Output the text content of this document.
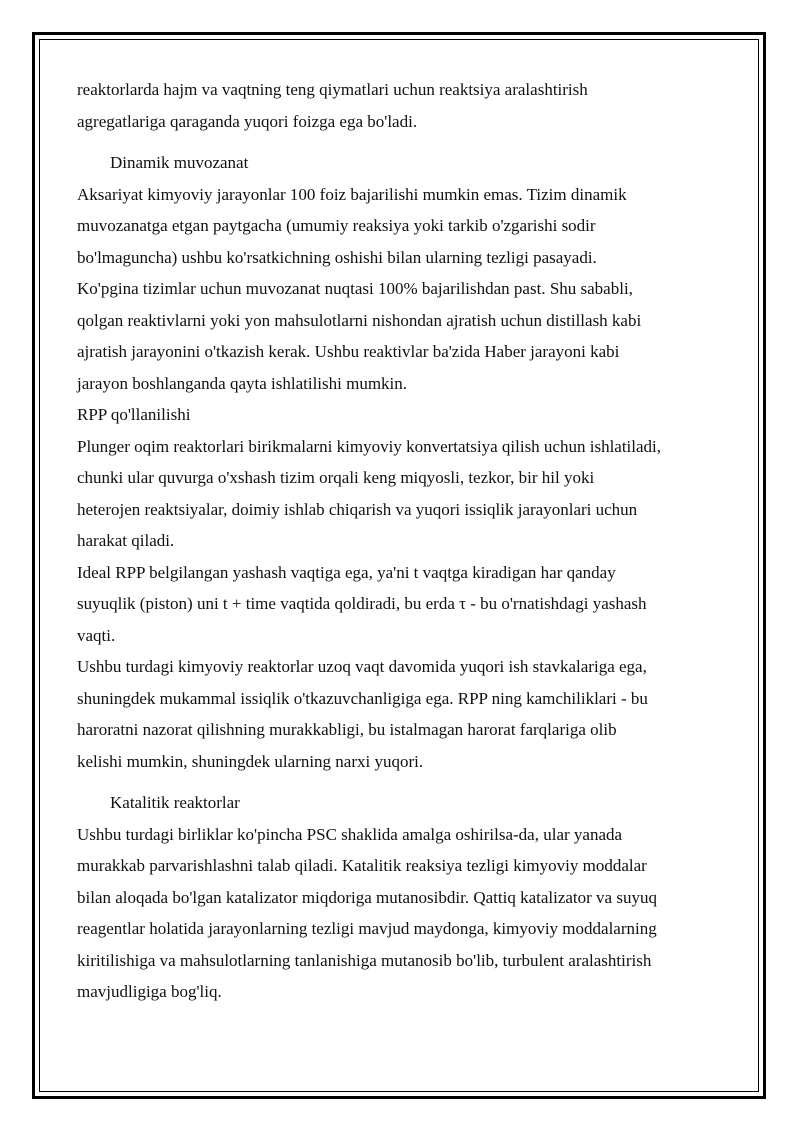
reaktorlarda hajm va vaqtning teng qiymatlari uchun reaktsiya aralashtirish
agregatlariga qaraganda yuqori foizga ega bo'ladi.
Dinamik muvozanat
Aksariyat kimyoviy jarayonlar 100 foiz bajarilishi mumkin emas. Tizim dinamik
muvozanatga etgan paytgacha (umumiy reaksiya yoki tarkib o'zgarishi sodir
bo'lmaguncha) ushbu ko'rsatkichning oshishi bilan ularning tezligi pasayadi.
Ko'pgina tizimlar uchun muvozanat nuqtasi 100% bajarilishdan past. Shu sababli,
qolgan reaktivlarni yoki yon mahsulotlarni nishondan ajratish uchun distillash kabi
ajratish jarayonini o'tkazish kerak. Ushbu reaktivlar ba'zida Haber jarayoni kabi
jarayon boshlanganda qayta ishlatilishi mumkin.
RPP qo'llanilishi
Plunger oqim reaktorlari birikmalarni kimyoviy konvertatsiya qilish uchun ishlatiladi,
chunki ular quvurga o'xshash tizim orqali keng miqyosli, tezkor, bir hil yoki
heterojen reaktsiyalar, doimiy ishlab chiqarish va yuqori issiqlik jarayonlari uchun
harakat qiladi.
Ideal RPP belgilangan yashash vaqtiga ega, ya'ni t vaqtga kiradigan har qanday
suyuqlik (piston) uni t + time vaqtida qoldiradi, bu erda τ - bu o'rnatishdagi yashash
vaqti.
Ushbu turdagi kimyoviy reaktorlar uzoq vaqt davomida yuqori ish stavkalariga ega,
shuningdek mukammal issiqlik o'tkazuvchanligiga ega. RPP ning kamchiliklari - bu
haroratni nazorat qilishning murakkabligi, bu istalmagan harorat farqlariga olib
kelishi mumkin, shuningdek ularning narxi yuqori.
Katalitik reaktorlar
Ushbu turdagi birliklar ko'pincha PSC shaklida amalga oshirilsa-da, ular yanada
murakkab parvarishlashni talab qiladi. Katalitik reaksiya tezligi kimyoviy moddalar
bilan aloqada bo'lgan katalizator miqdoriga mutanosibdir. Qattiq katalizator va suyuq
reagentlar holatida jarayonlarning tezligi mavjud maydonga, kimyoviy moddalarning
kiritilishiga va mahsulotlarning tanlanishiga mutanosib bo'lib, turbulent aralashtirish
mavjudligiga bog'liq.
